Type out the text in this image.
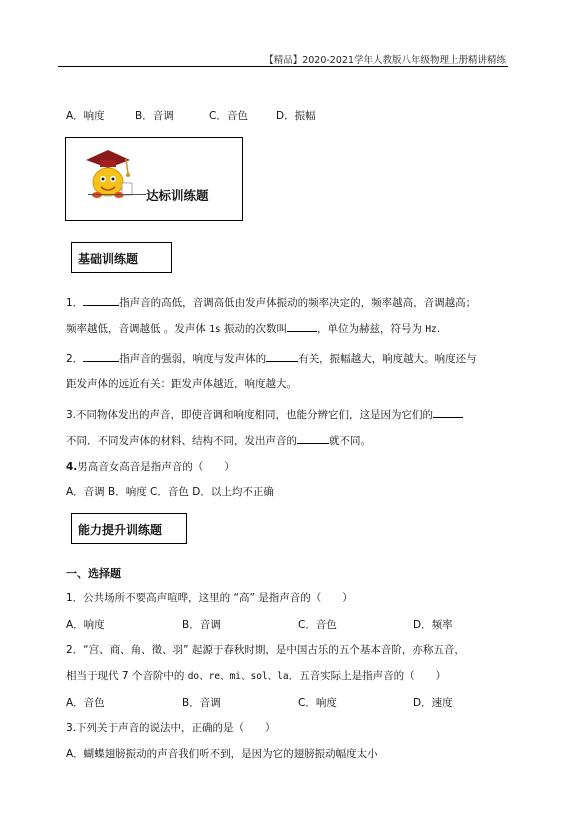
【精品】2020-2021学年人教版八年级物理上册精讲精练
A．响度	B．音调	C．音色	D．振幅
达标训练题
基础训练题
1．	指声音的高低，音调高低由发声体振动的频率决定的，频率越高，音调越高；
频率越低，音调越低 。发声体 1s 振动的次数叫	，单位为赫兹，符号为 Hz.
2．	指声音的强弱，响度与发声体的	有关，振幅越大，响度越大。响度还与
距发声体的远近有关：距发声体越近，响度越大。
3.不同物体发出的声音，即使音调和响度相同，也能分辨它们，这是因为它们的
不同．不同发声体的材料、结构不同，发出声音的	就不同。
4.男高音女高音是指声音的（　　）
A．音调 B．响度 C．音色 D．以上均不正确
能力提升训练题
一、选择题
1．公共场所不要高声喧哗，这里的 “高” 是指声音的（　　）
A．响度	B．音调	C．音色	D．频率
2．“宫、商、角、徵、羽” 起源于春秋时期，是中国古乐的五个基本音阶，亦称五音，
相当于现代 7 个音阶中的 do、re、mi、sol、la．五音实际上是指声音的（　　）
A．音色	B．音调	C．响度	D．速度
3.下列关于声音的说法中，正确的是（　　）
A．蝴蝶翅膀振动的声音我们听不到，是因为它的翅膀振动幅度太小
